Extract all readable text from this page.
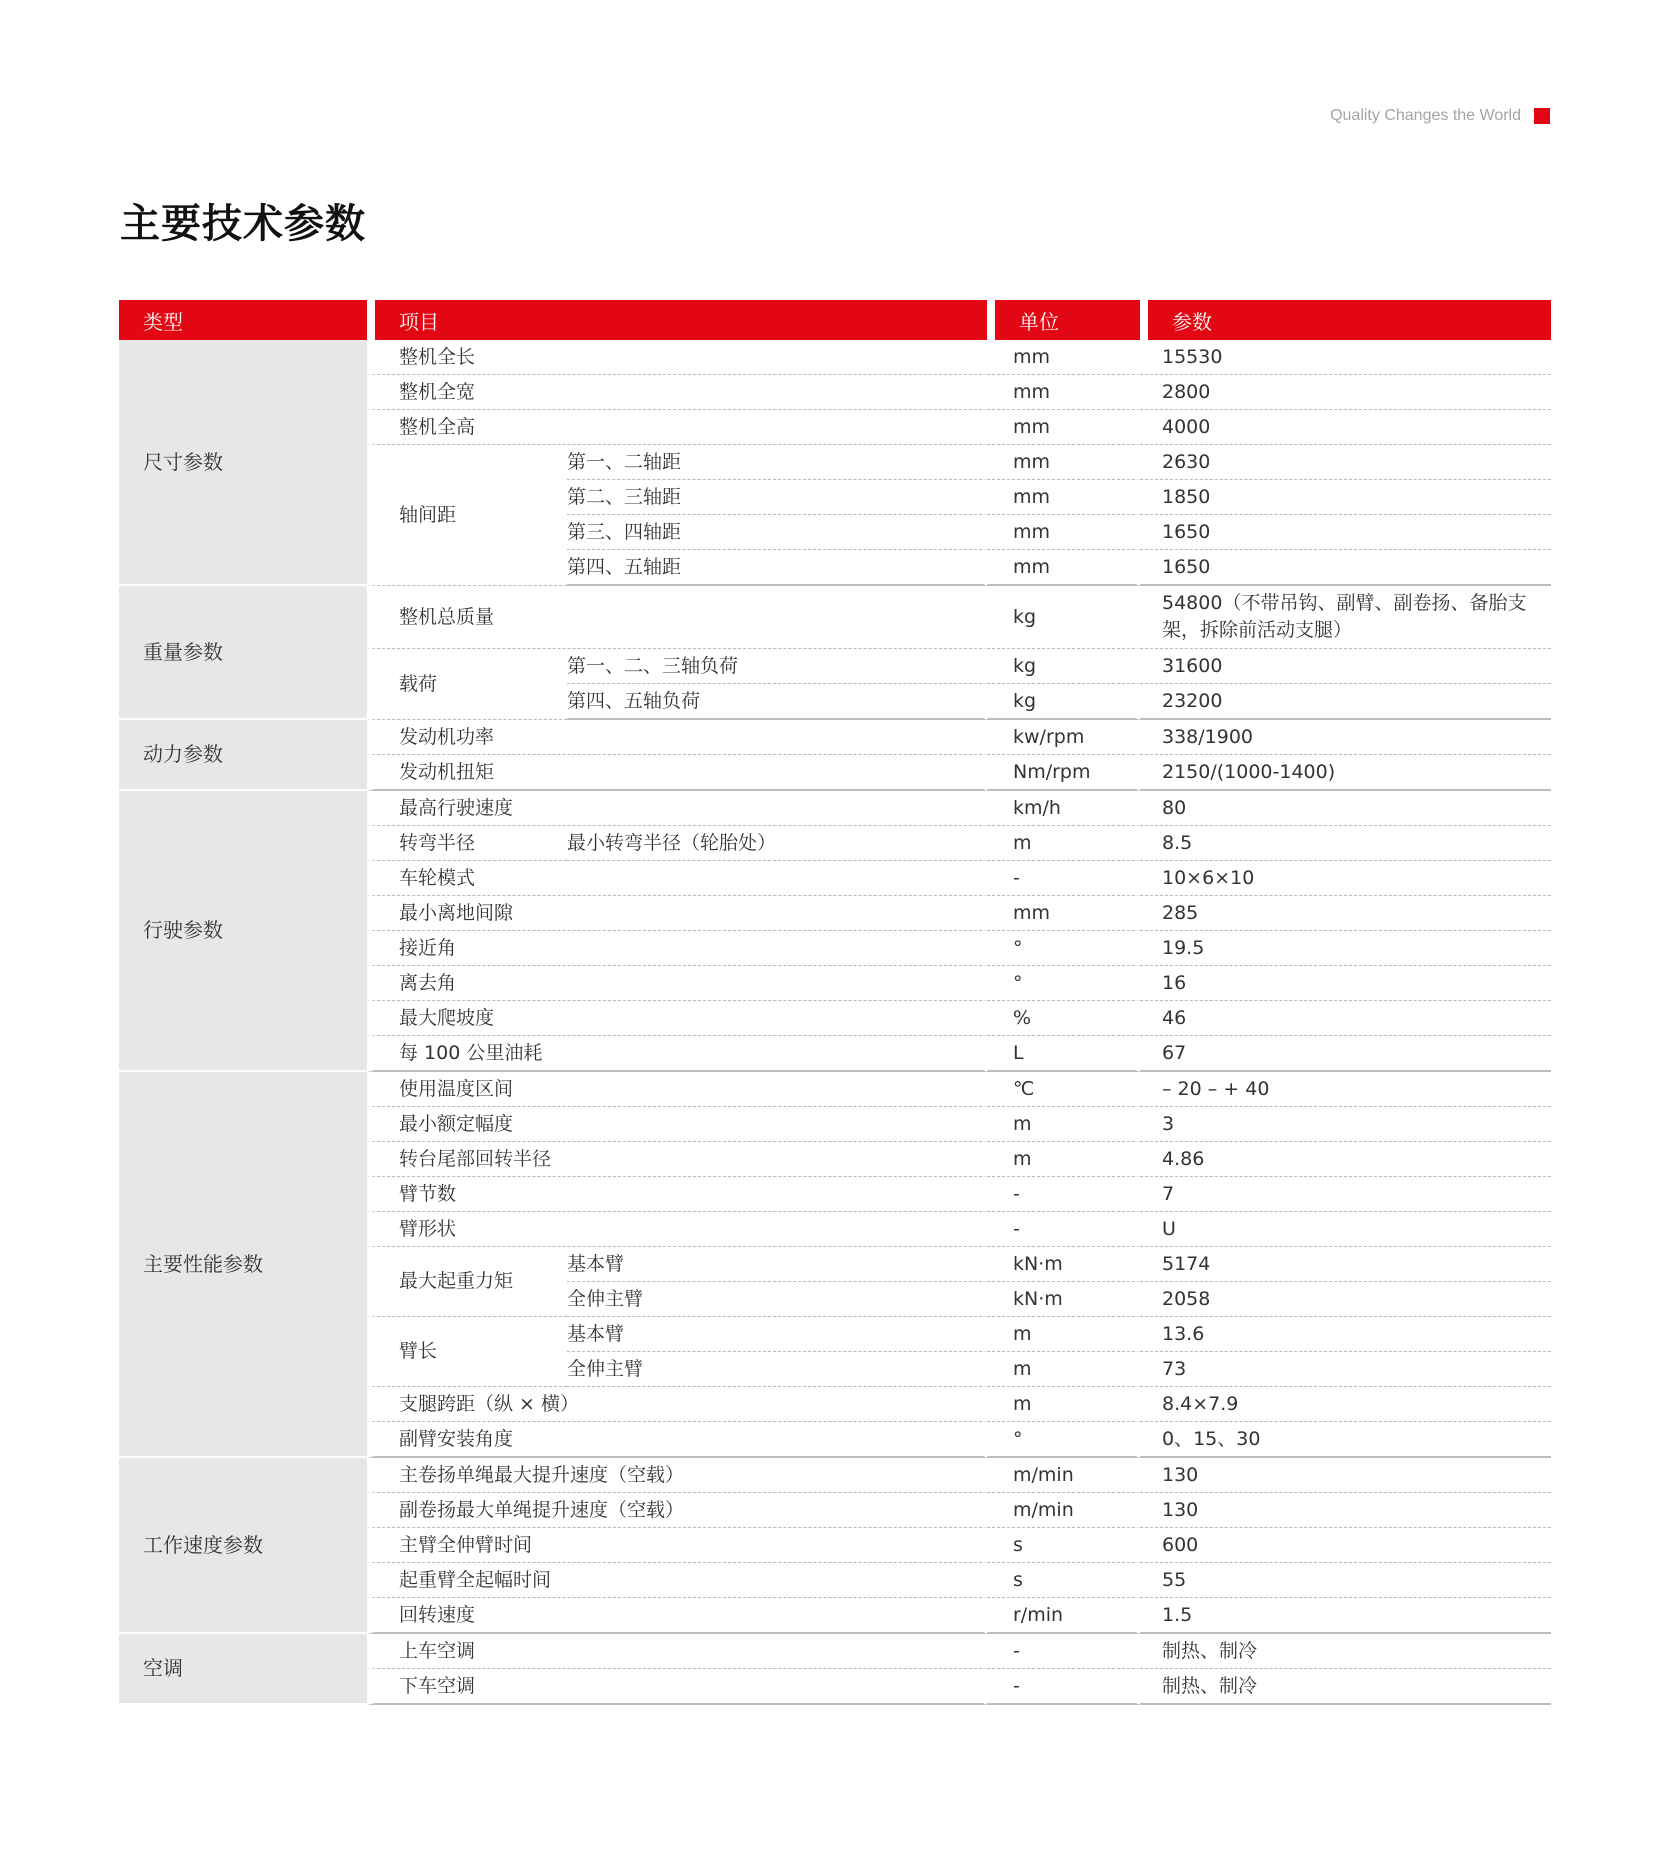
Quality Changes the World
主要技术参数
类型	项目		单位	参数
尺寸参数	整机全长		mm	15530
	整机全宽		mm	2800
	整机全高		mm	4000
	轴间距	第一、二轴距	mm	2630
		第二、三轴距	mm	1850
		第三、四轴距	mm	1650
		第四、五轴距	mm	1650
重量参数	整机总质量		kg	54800（不带吊钩、副臂、副卷扬、备胎支架，拆除前活动支腿）
	载荷	第一、二、三轴负荷	kg	31600
		第四、五轴负荷	kg	23200
动力参数	发动机功率		kw/rpm	338/1900
	发动机扭矩		Nm/rpm	2150/(1000-1400)
行驶参数	最高行驶速度		km/h	80
	转弯半径	最小转弯半径（轮胎处）	m	8.5
	车轮模式		-	10×6×10
	最小离地间隙		mm	285
	接近角		°	19.5
	离去角		°	16
	最大爬坡度		%	46
	每 100 公里油耗		L	67
主要性能参数	使用温度区间		℃	– 20 – + 40
	最小额定幅度		m	3
	转台尾部回转半径		m	4.86
	臂节数		-	7
	臂形状		-	U
	最大起重力矩	基本臂	kN·m	5174
		全伸主臂	kN·m	2058
	臂长	基本臂	m	13.6
		全伸主臂	m	73
	支腿跨距（纵 × 横）		m	8.4×7.9
	副臂安装角度		°	0、15、30
工作速度参数	主卷扬单绳最大提升速度（空载）		m/min	130
	副卷扬最大单绳提升速度（空载）		m/min	130
	主臂全伸臂时间		s	600
	起重臂全起幅时间		s	55
	回转速度		r/min	1.5
空调	上车空调		-	制热、制冷
	下车空调		-	制热、制冷
